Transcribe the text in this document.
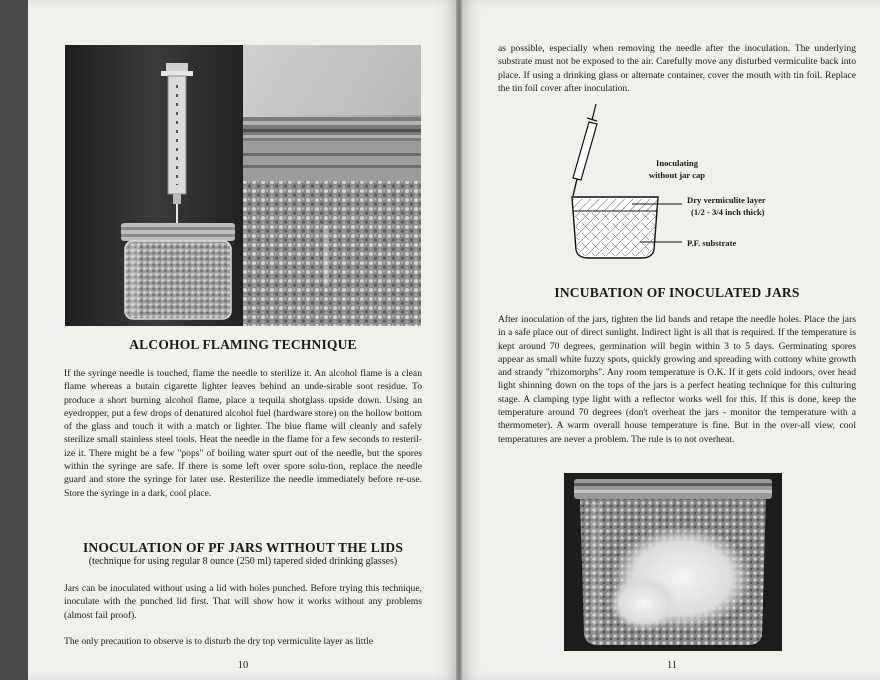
ALCOHOL FLAMING TECHNIQUE
If the syringe needle is touched, flame the needle to sterilize it. An alcohol flame is a clean flame whereas a butain cigarette lighter leaves behind an unde-sirable soot residue. To produce a short burning alcohol flame, place a tequila shotglass upside down. Using an eyedropper, put a few drops of denatured alcohol fuel (hardware store) on the hollow bottom of the glass and touch it with a match or lighter. The blue flame will cleanly and safely sterilize small stainless steel tools. Heat the needle in the flame for a few seconds to resteril-ize it. There might be a few "pops" of boiling water spurt out of the needle, but the spores within the syringe are safe. If there is some left over spore solu-tion, replace the needle guard and store the syringe for later use. Resterilize the needle immediately before re-use. Store the syringe in a dark, cool place.
INOCULATION OF PF JARS WITHOUT THE LIDS
(technique for using regular 8 ounce (250 ml) tapered sided drinking glasses)
Jars can be inoculated without using a lid with holes punched. Before trying this technique, inoculate with the punched lid first. That will show how it works without any problems (almost fail proof).
The only precaution to observe is to disturb the dry top vermiculite layer as little
10
as possible, especially when removing the needle after the inoculation. The underlying substrate must not be exposed to the air. Carefully move any disturbed vermiculite back into place. If using a drinking glass or alternate container, cover the mouth with tin foil. Replace the tin foil cover after inoculation.
Inoculating
without jar cap
Dry vermiculite layer
(1/2 - 3/4 inch thick)
P.F. substrate
INCUBATION OF INOCULATED JARS
After inoculation of the jars, tighten the lid bands and retape the needle holes. Place the jars in a safe place out of direct sunlight. Indirect light is all that is required. If the temperature is kept around 70 degrees, germination will begin within 3 to 5 days. Germinating spores appear as small white fuzzy spots, quickly growing and spreading with cottony white growth and strandy "rhizomorphs". Any room temperature is O.K. If it gets cold indoors, over head light shinning down on the tops of the jars is a perfect heating technique for this culturing stage. A clamping type light with a reflector works well for this. If this is done, keep the temperature around 70 degrees (don't overheat the jars - monitor the temperature with a thermometer). A warm overall house temperature is fine. But in the over-all view, cool temperatures are never a problem. The rule is to not overheat.
11
